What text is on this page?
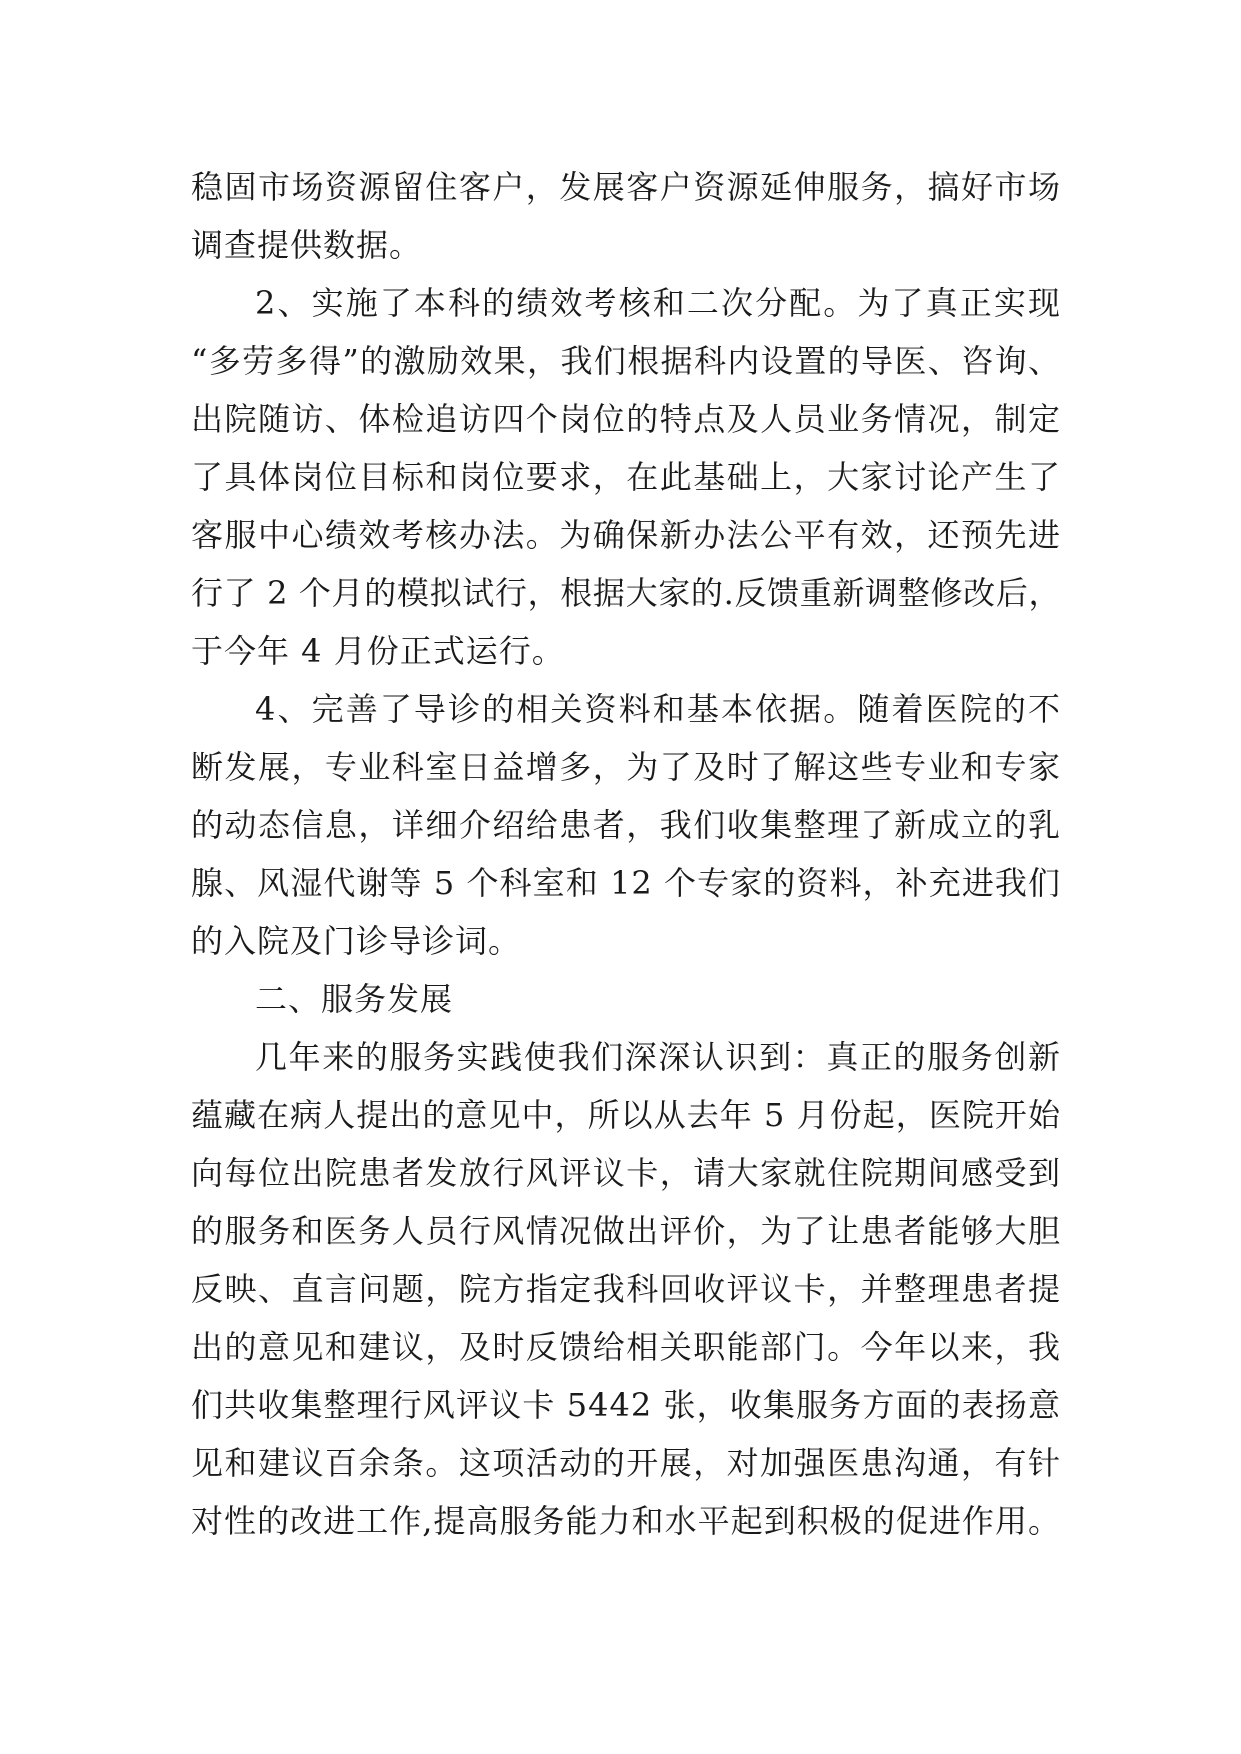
稳固市场资源留住客户，发展客户资源延伸服务，搞好市场
调查提供数据。
2、实施了本科的绩效考核和二次分配。为了真正实现
“多劳多得”的激励效果，我们根据科内设置的导医、咨询、
出院随访、体检追访四个岗位的特点及人员业务情况，制定
了具体岗位目标和岗位要求，在此基础上，大家讨论产生了
客服中心绩效考核办法。为确保新办法公平有效，还预先进
行了 2 个月的模拟试行，根据大家的.反馈重新调整修改后，
于今年 4 月份正式运行。
4、完善了导诊的相关资料和基本依据。随着医院的不
断发展，专业科室日益增多，为了及时了解这些专业和专家
的动态信息，详细介绍给患者，我们收集整理了新成立的乳
腺、风湿代谢等 5 个科室和 12 个专家的资料，补充进我们
的入院及门诊导诊词。
二、服务发展
几年来的服务实践使我们深深认识到：真正的服务创新
蕴藏在病人提出的意见中，所以从去年 5 月份起，医院开始
向每位出院患者发放行风评议卡，请大家就住院期间感受到
的服务和医务人员行风情况做出评价，为了让患者能够大胆
反映、直言问题，院方指定我科回收评议卡，并整理患者提
出的意见和建议，及时反馈给相关职能部门。今年以来，我
们共收集整理行风评议卡 5442 张，收集服务方面的表扬意
见和建议百余条。这项活动的开展，对加强医患沟通，有针
对性的改进工作,提高服务能力和水平起到积极的促进作用。
